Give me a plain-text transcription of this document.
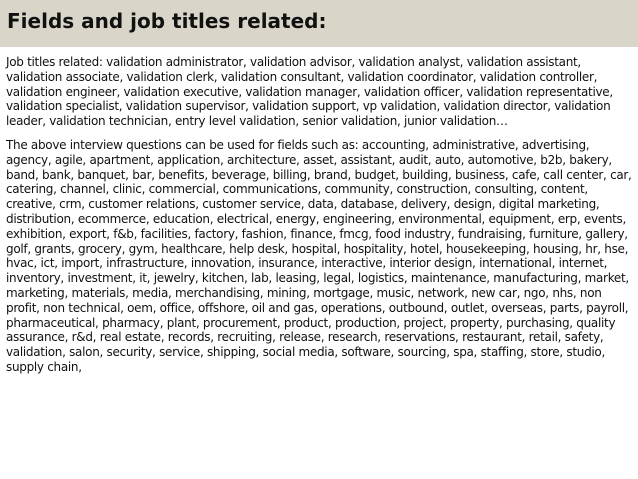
Fields and job titles related:

Job titles related: validation administrator, validation advisor, validation analyst, validation assistant, validation associate, validation clerk, validation consultant, validation coordinator, validation controller, validation engineer, validation executive, validation manager, validation officer, validation representative, validation specialist, validation supervisor, validation support, vp validation, validation director, validation leader, validation technician, entry level validation, senior validation, junior validation…

The above interview questions can be used for fields such as: accounting, administrative, advertising, agency, agile, apartment, application, architecture, asset, assistant, audit, auto, automotive, b2b, bakery, band, bank, banquet, bar, benefits, beverage, billing, brand, budget, building, business, cafe, call center, car, catering, channel, clinic, commercial, communications, community, construction, consulting, content, creative, crm, customer relations, customer service, data, database, delivery, design, digital marketing, distribution, ecommerce, education, electrical, energy, engineering, environmental, equipment, erp, events, exhibition, export, f&b, facilities, factory, fashion, finance, fmcg, food industry, fundraising, furniture, gallery, golf, grants, grocery, gym, healthcare, help desk, hospital, hospitality, hotel, housekeeping, housing, hr, hse, hvac, ict, import, infrastructure, innovation, insurance, interactive, interior design, international, internet, inventory, investment, it, jewelry, kitchen, lab, leasing, legal, logistics, maintenance, manufacturing, market, marketing, materials, media, merchandising, mining, mortgage, music, network, new car, ngo, nhs, non profit, non technical, oem, office, offshore, oil and gas, operations, outbound, outlet, overseas, parts, payroll, pharmaceutical, pharmacy, plant, procurement, product, production, project, property, purchasing, quality assurance, r&d, real estate, records, recruiting, release, research, reservations, restaurant, retail, safety, validation, salon, security, service, shipping, social media, software, sourcing, spa, staffing, store, studio, supply chain,
